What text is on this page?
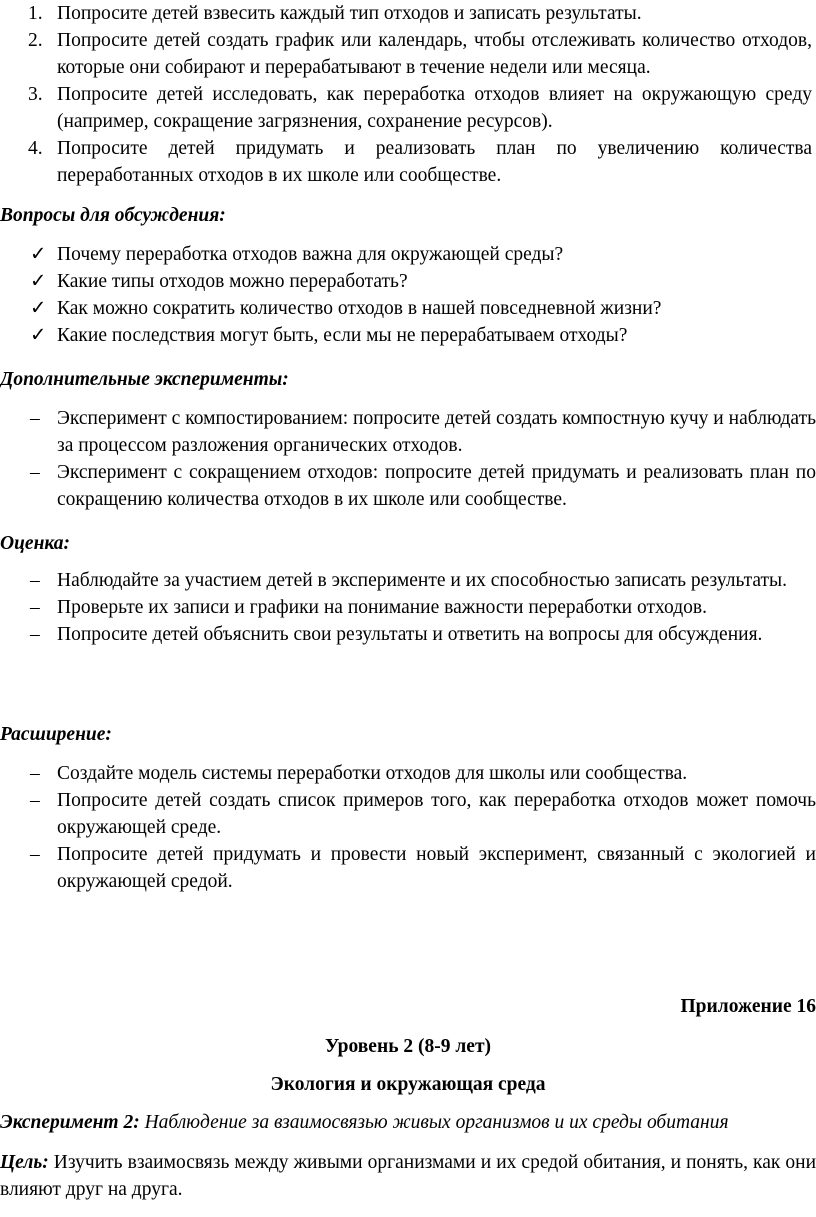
1. Попросите детей взвесить каждый тип отходов и записать результаты.
2. Попросите детей создать график или календарь, чтобы отслеживать количество отходов, которые они собирают и перерабатывают в течение недели или месяца.
3. Попросите детей исследовать, как переработка отходов влияет на окружающую среду (например, сокращение загрязнения, сохранение ресурсов).
4. Попросите детей придумать и реализовать план по увеличению количества переработанных отходов в их школе или сообществе.
Вопросы для обсуждения:
✓ Почему переработка отходов важна для окружающей среды?
✓ Какие типы отходов можно переработать?
✓ Как можно сократить количество отходов в нашей повседневной жизни?
✓ Какие последствия могут быть, если мы не перерабатываем отходы?
Дополнительные эксперименты:
– Эксперимент с компостированием: попросите детей создать компостную кучу и наблюдать за процессом разложения органических отходов.
– Эксперимент с сокращением отходов: попросите детей придумать и реализовать план по сокращению количества отходов в их школе или сообществе.
Оценка:
– Наблюдайте за участием детей в эксперименте и их способностью записать результаты.
– Проверьте их записи и графики на понимание важности переработки отходов.
– Попросите детей объяснить свои результаты и ответить на вопросы для обсуждения.
Расширение:
– Создайте модель системы переработки отходов для школы или сообщества.
– Попросите детей создать список примеров того, как переработка отходов может помочь окружающей среде.
– Попросите детей придумать и провести новый эксперимент, связанный с экологией и окружающей средой.
Приложение 16
Уровень 2 (8-9 лет)
Экология и окружающая среда
Эксперимент 2: Наблюдение за взаимосвязью живых организмов и их среды обитания
Цель: Изучить взаимосвязь между живыми организмами и их средой обитания, и понять, как они влияют друг на друга.
